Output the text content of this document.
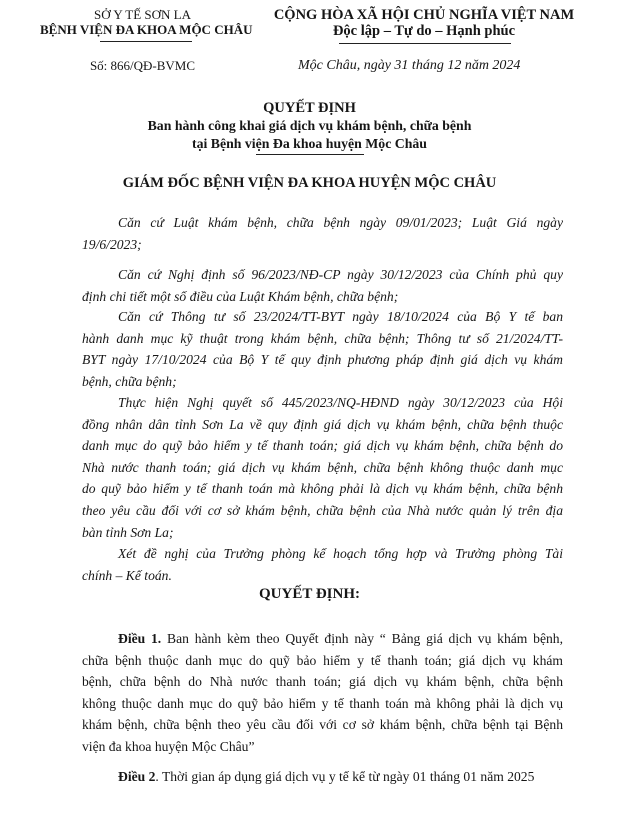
SỞ Y TẾ SƠN LA
BỆNH VIỆN ĐA KHOA MỘC CHÂU
Số: 866/QĐ-BVMC
CỘNG HÒA XÃ HỘI CHỦ NGHĨA VIỆT NAM
Độc lập – Tự do – Hạnh phúc
Mộc Châu, ngày 31 tháng 12 năm 2024
QUYẾT ĐỊNH
Ban hành công khai giá dịch vụ khám bệnh, chữa bệnh
tại Bệnh viện Đa khoa huyện Mộc Châu
GIÁM ĐỐC BỆNH VIỆN ĐA KHOA HUYỆN MỘC CHÂU
Căn cứ Luật khám bệnh, chữa bệnh ngày 09/01/2023; Luật Giá ngày
19/6/2023;
Căn cứ Nghị định số 96/2023/NĐ-CP ngày 30/12/2023 của Chính phủ quy
định chi tiết một số điều của Luật Khám bệnh, chữa bệnh;
Căn cứ Thông tư số 23/2024/TT-BYT ngày 18/10/2024 của Bộ Y tế ban
hành danh mục kỹ thuật trong khám bệnh, chữa bệnh; Thông tư số 21/2024/TT-
BYT ngày 17/10/2024 của Bộ Y tế quy định phương pháp định giá dịch vụ khám
bệnh, chữa bệnh;
Thực hiện Nghị quyết số 445/2023/NQ-HĐND ngày 30/12/2023 của Hội
đồng nhân dân tỉnh Sơn La về quy định giá dịch vụ khám bệnh, chữa bệnh thuộc
danh mục do quỹ bảo hiểm y tế thanh toán; giá dịch vụ khám bệnh, chữa bệnh do
Nhà nước thanh toán; giá dịch vụ khám bệnh, chữa bệnh không thuộc danh mục
do quỹ bảo hiểm y tế thanh toán mà không phải là dịch vụ khám bệnh, chữa bệnh
theo yêu cầu đối với cơ sở khám bệnh, chữa bệnh của Nhà nước quản lý trên địa
bàn tỉnh Sơn La;
Xét đề nghị của Trưởng phòng kế hoạch tổng hợp và Trưởng phòng Tài
chính – Kế toán.
QUYẾT ĐỊNH:
Điều 1. Ban hành kèm theo Quyết định này “ Bảng giá dịch vụ khám bệnh,
chữa bệnh thuộc danh mục do quỹ bảo hiểm y tế thanh toán; giá dịch vụ khám
bệnh, chữa bệnh do Nhà nước thanh toán; giá dịch vụ khám bệnh, chữa bệnh
không thuộc danh mục do quỹ bảo hiểm y tế thanh toán mà không phải là dịch vụ
khám bệnh, chữa bệnh theo yêu cầu đối với cơ sở khám bệnh, chữa bệnh tại Bệnh
viện đa khoa huyện Mộc Châu”
Điều 2. Thời gian áp dụng giá dịch vụ y tế kể từ ngày 01 tháng 01 năm 2025
